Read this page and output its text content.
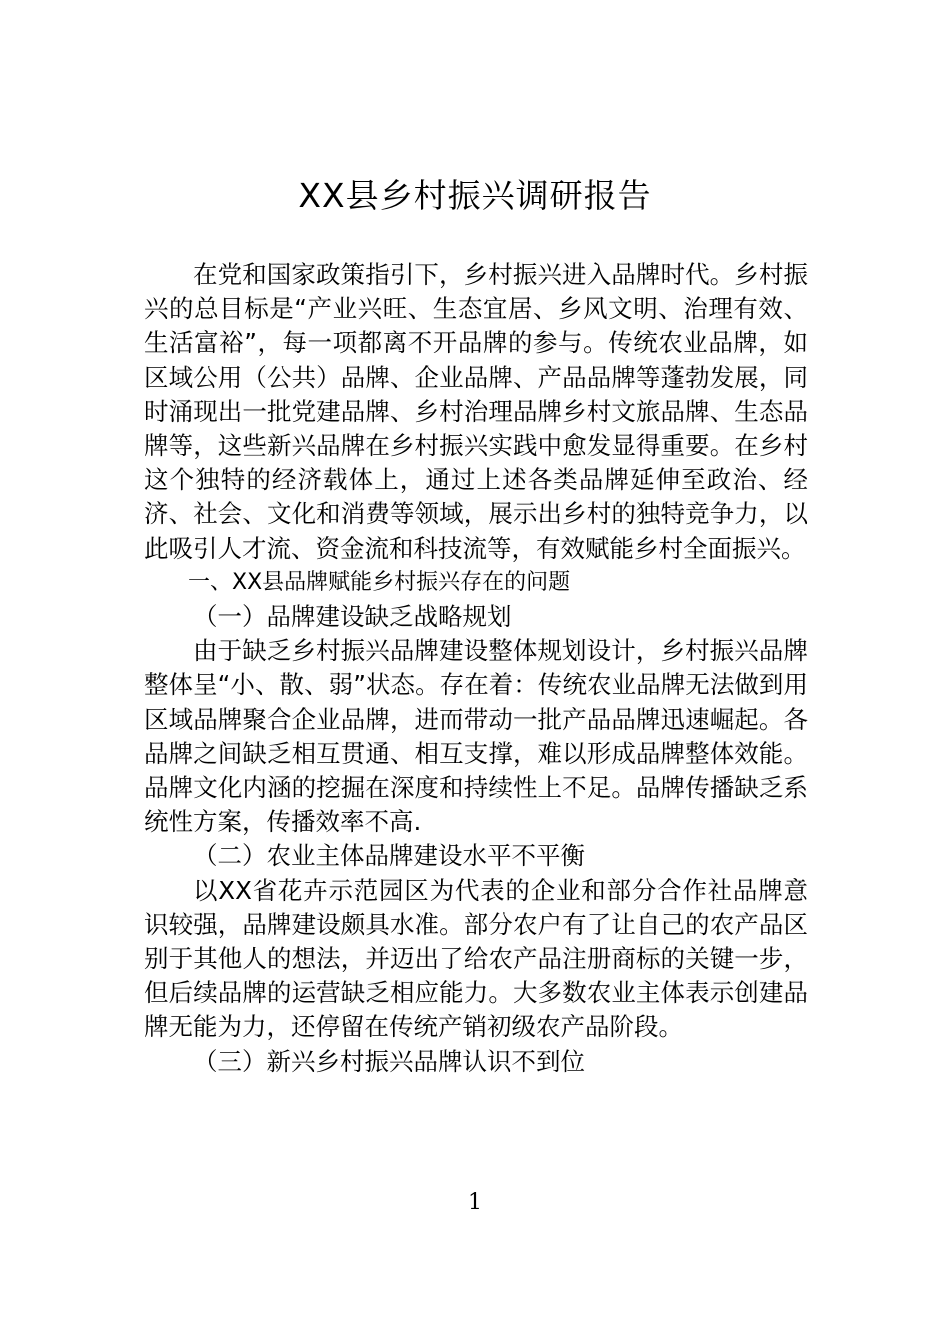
XX县乡村振兴调研报告

在党和国家政策指引下，乡村振兴进入品牌时代。乡村振兴的总目标是“产业兴旺、生态宜居、乡风文明、治理有效、生活富裕”，每一项都离不开品牌的参与。传统农业品牌，如区域公用（公共）品牌、企业品牌、产品品牌等蓬勃发展，同时涌现出一批党建品牌、乡村治理品牌乡村文旅品牌、生态品牌等，这些新兴品牌在乡村振兴实践中愈发显得重要。在乡村这个独特的经济载体上，通过上述各类品牌延伸至政治、经济、社会、文化和消费等领域，展示出乡村的独特竞争力，以此吸引人才流、资金流和科技流等，有效赋能乡村全面振兴。

一、XX县品牌赋能乡村振兴存在的问题

（一）品牌建设缺乏战略规划

由于缺乏乡村振兴品牌建设整体规划设计，乡村振兴品牌整体呈“小、散、弱”状态。存在着：传统农业品牌无法做到用区域品牌聚合企业品牌，进而带动一批产品品牌迅速崛起。各品牌之间缺乏相互贯通、相互支撑，难以形成品牌整体效能。品牌文化内涵的挖掘在深度和持续性上不足。品牌传播缺乏系统性方案，传播效率不高.

（二）农业主体品牌建设水平不平衡

以XX省花卉示范园区为代表的企业和部分合作社品牌意识较强，品牌建设颇具水准。部分农户有了让自己的农产品区别于其他人的想法，并迈出了给农产品注册商标的关键一步，但后续品牌的运营缺乏相应能力。大多数农业主体表示创建品牌无能为力，还停留在传统产销初级农产品阶段。

（三）新兴乡村振兴品牌认识不到位

1
